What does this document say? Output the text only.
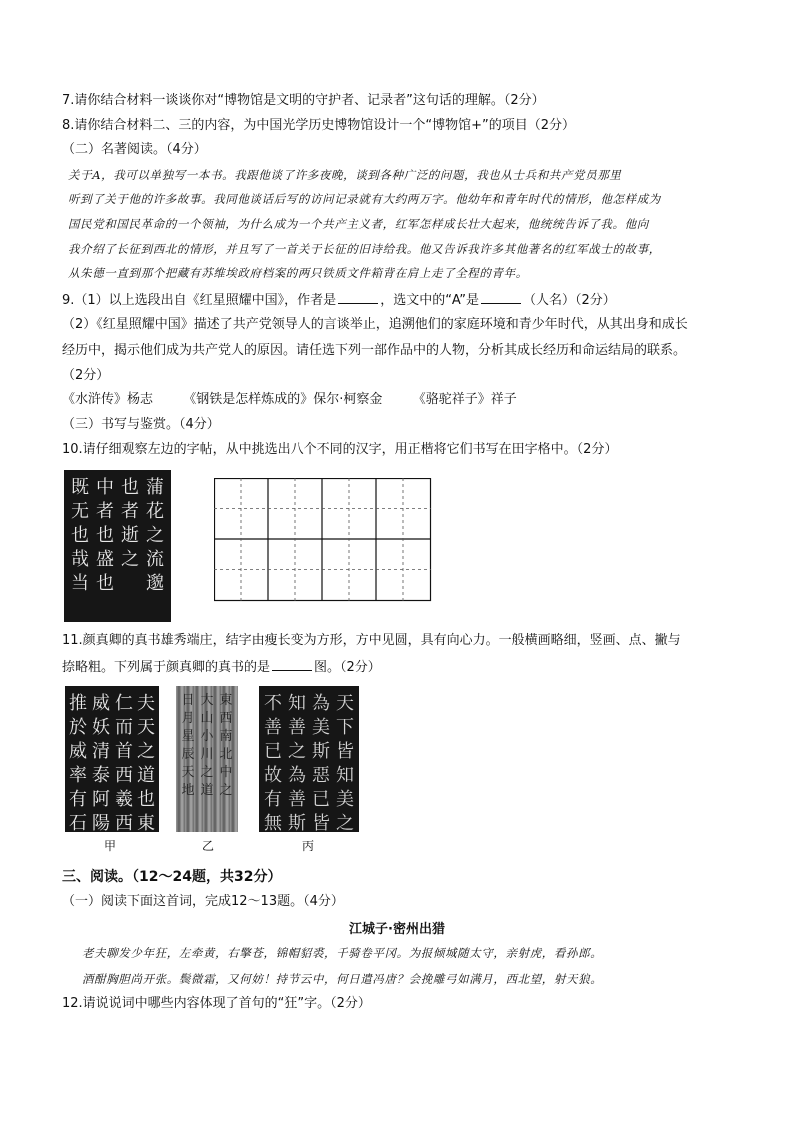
7.请你结合材料一谈谈你对“博物馆是文明的守护者、记录者”这句话的理解。（2分）
8.请你结合材料二、三的内容，为中国光学历史博物馆设计一个“博物馆+”的项目（2分）
（二）名著阅读。（4分）
关于A，我可以单独写一本书。我跟他谈了许多夜晚，谈到各种广泛的问题，我也从士兵和共产党员那里
听到了关于他的许多故事。我同他谈话后写的访问记录就有大约两万字。他幼年和青年时代的情形，他怎样成为
国民党和国民革命的一个领袖，为什么成为一个共产主义者，红军怎样成长壮大起来，他统统告诉了我。他向
我介绍了长征到西北的情形，并且写了一首关于长征的旧诗给我。他又告诉我许多其他著名的红军战士的故事，
从朱德一直到那个把藏有苏维埃政府档案的两只铁质文件箱背在肩上走了全程的青年。
9.（1）以上选段出自《红星照耀中国》，作者是	，选文中的“A”是	（人名）（2分）
（2）《红星照耀中国》描述了共产党领导人的言谈举止，追溯他们的家庭环境和青少年时代，从其出身和成长
经历中，揭示他们成为共产党人的原因。请任选下列一部作品中的人物，分析其成长经历和命运结局的联系。
（2分）
《水浒传》杨志 《钢铁是怎样炼成的》保尔·柯察金 《骆驼祥子》祥子
（三）书写与鉴赏。（4分）
10.请仔细观察左边的字帖，从中挑选出八个不同的汉字，用正楷将它们书写在田字格中。（2分）
蒲
花
之
流
邈
也
者
逝
之
中
者
也
盛
也
既
无
也
哉
当
11.颜真卿的真书雄秀端庄，结字由瘦长变为方形，方中见圆，具有向心力。一般横画略细，竖画、点、撇与
捺略粗。下列属于颜真卿的真书的是	图。（2分）
夫
天
之
道
也
東
仁
而
首
西
羲
西
威
妖
清
泰
阿
陽
推
於
威
率
有
石
東
西
南
北
中
之
大
山
小
川
之
道
日
月
星
辰
天
地
天
下
皆
知
美
之
為
美
斯
惡
已
皆
知
善
之
為
善
斯
不
善
已
故
有
無
甲	乙	丙
三、阅读。（12～24题，共32分）
（一）阅读下面这首词，完成12～13题。（4分）
江城子·密州出猎
老夫聊发少年狂，左牵黄，右擎苍，锦帽貂裘，千骑卷平冈。为报倾城随太守，亲射虎，看孙郎。
酒酣胸胆尚开张。鬓微霜，又何妨！持节云中，何日遣冯唐？会挽雕弓如满月，西北望，射天狼。
12.请说说词中哪些内容体现了首句的“狂”字。（2分）
